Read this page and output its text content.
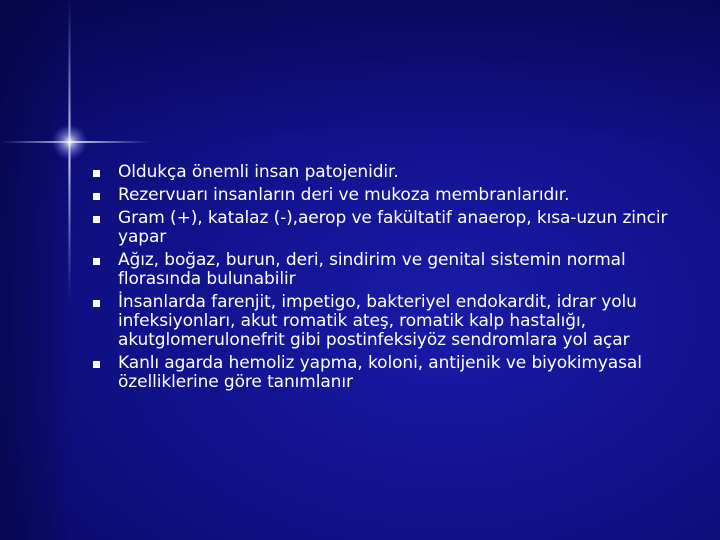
Oldukça önemli insan patojenidir.
Rezervuarı insanların deri ve mukoza membranlarıdır.
Gram (+), katalaz (-),aerop ve fakültatif anaerop, kısa-uzun zincir yapar
Ağız, boğaz, burun, deri, sindirim ve genital sistemin normal florasında bulunabilir
İnsanlarda farenjit, impetigo, bakteriyel endokardit, idrar yolu infeksiyonları, akut romatik ateş, romatik kalp hastalığı, akutglomerulonefrit gibi postinfeksiyöz sendromlara yol açar
Kanlı agarda hemoliz yapma, koloni, antijenik ve biyokimyasal özelliklerine göre tanımlanır
